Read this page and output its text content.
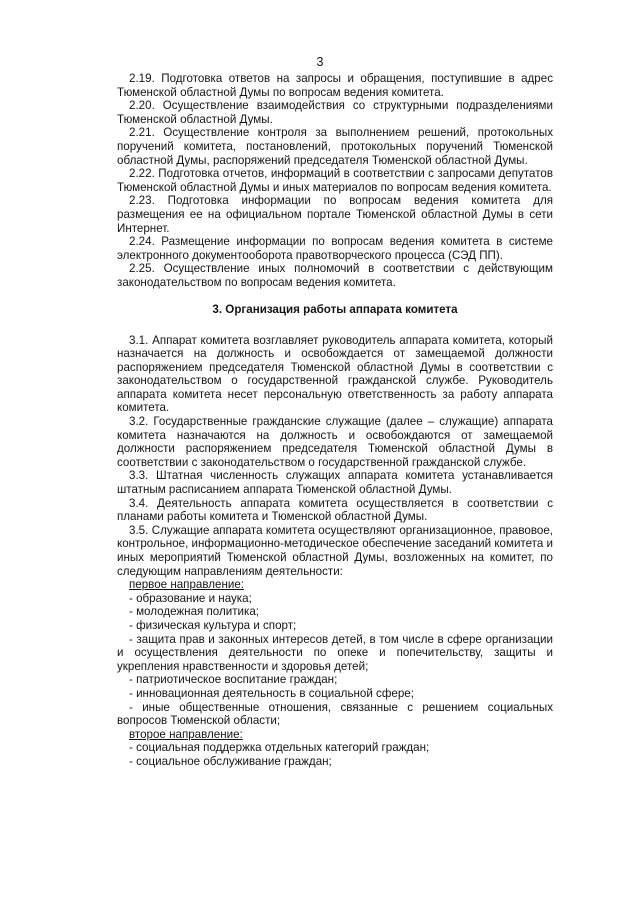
3

2.19. Подготовка ответов на запросы и обращения, поступившие в адрес Тюменской областной Думы по вопросам ведения комитета.

2.20. Осуществление взаимодействия со структурными подразделениями Тюменской областной Думы.

2.21. Осуществление контроля за выполнением решений, протокольных поручений комитета, постановлений, протокольных поручений Тюменской областной Думы, распоряжений председателя Тюменской областной Думы.

2.22. Подготовка отчетов, информаций в соответствии с запросами депутатов Тюменской областной Думы и иных материалов по вопросам ведения комитета.

2.23. Подготовка информации по вопросам ведения комитета для размещения ее на официальном портале Тюменской областной Думы в сети Интернет.

2.24. Размещение информации по вопросам ведения комитета в системе электронного документооборота правотворческого процесса (СЭД ПП).

2.25. Осуществление иных полномочий в соответствии с действующим законодательством по вопросам ведения комитета.

3. Организация работы аппарата комитета

3.1. Аппарат комитета возглавляет руководитель аппарата комитета, который назначается на должность и освобождается от замещаемой должности распоряжением председателя Тюменской областной Думы в соответствии с законодательством о государственной гражданской службе. Руководитель аппарата комитета несет персональную ответственность за работу аппарата комитета.

3.2. Государственные гражданские служащие (далее – служащие) аппарата комитета назначаются на должность и освобождаются от замещаемой должности распоряжением председателя Тюменской областной Думы в соответствии с законодательством о государственной гражданской службе.

3.3. Штатная численность служащих аппарата комитета устанавливается штатным расписанием аппарата Тюменской областной Думы.

3.4. Деятельность аппарата комитета осуществляется в соответствии с планами работы комитета и Тюменской областной Думы.

3.5. Служащие аппарата комитета осуществляют организационное, правовое, контрольное, информационно-методическое обеспечение заседаний комитета и иных мероприятий Тюменской областной Думы, возложенных на комитет, по следующим направлениям деятельности:

первое направление:

- образование и наука;

- молодежная политика;

- физическая культура и спорт;

- защита прав и законных интересов детей, в том числе в сфере организации и осуществления деятельности по опеке и попечительству, защиты и укрепления нравственности и здоровья детей;

- патриотическое воспитание граждан;

- инновационная деятельность в социальной сфере;

- иные общественные отношения, связанные с решением социальных вопросов Тюменской области;

второе направление:

- социальная поддержка отдельных категорий граждан;

- социальное обслуживание граждан;
